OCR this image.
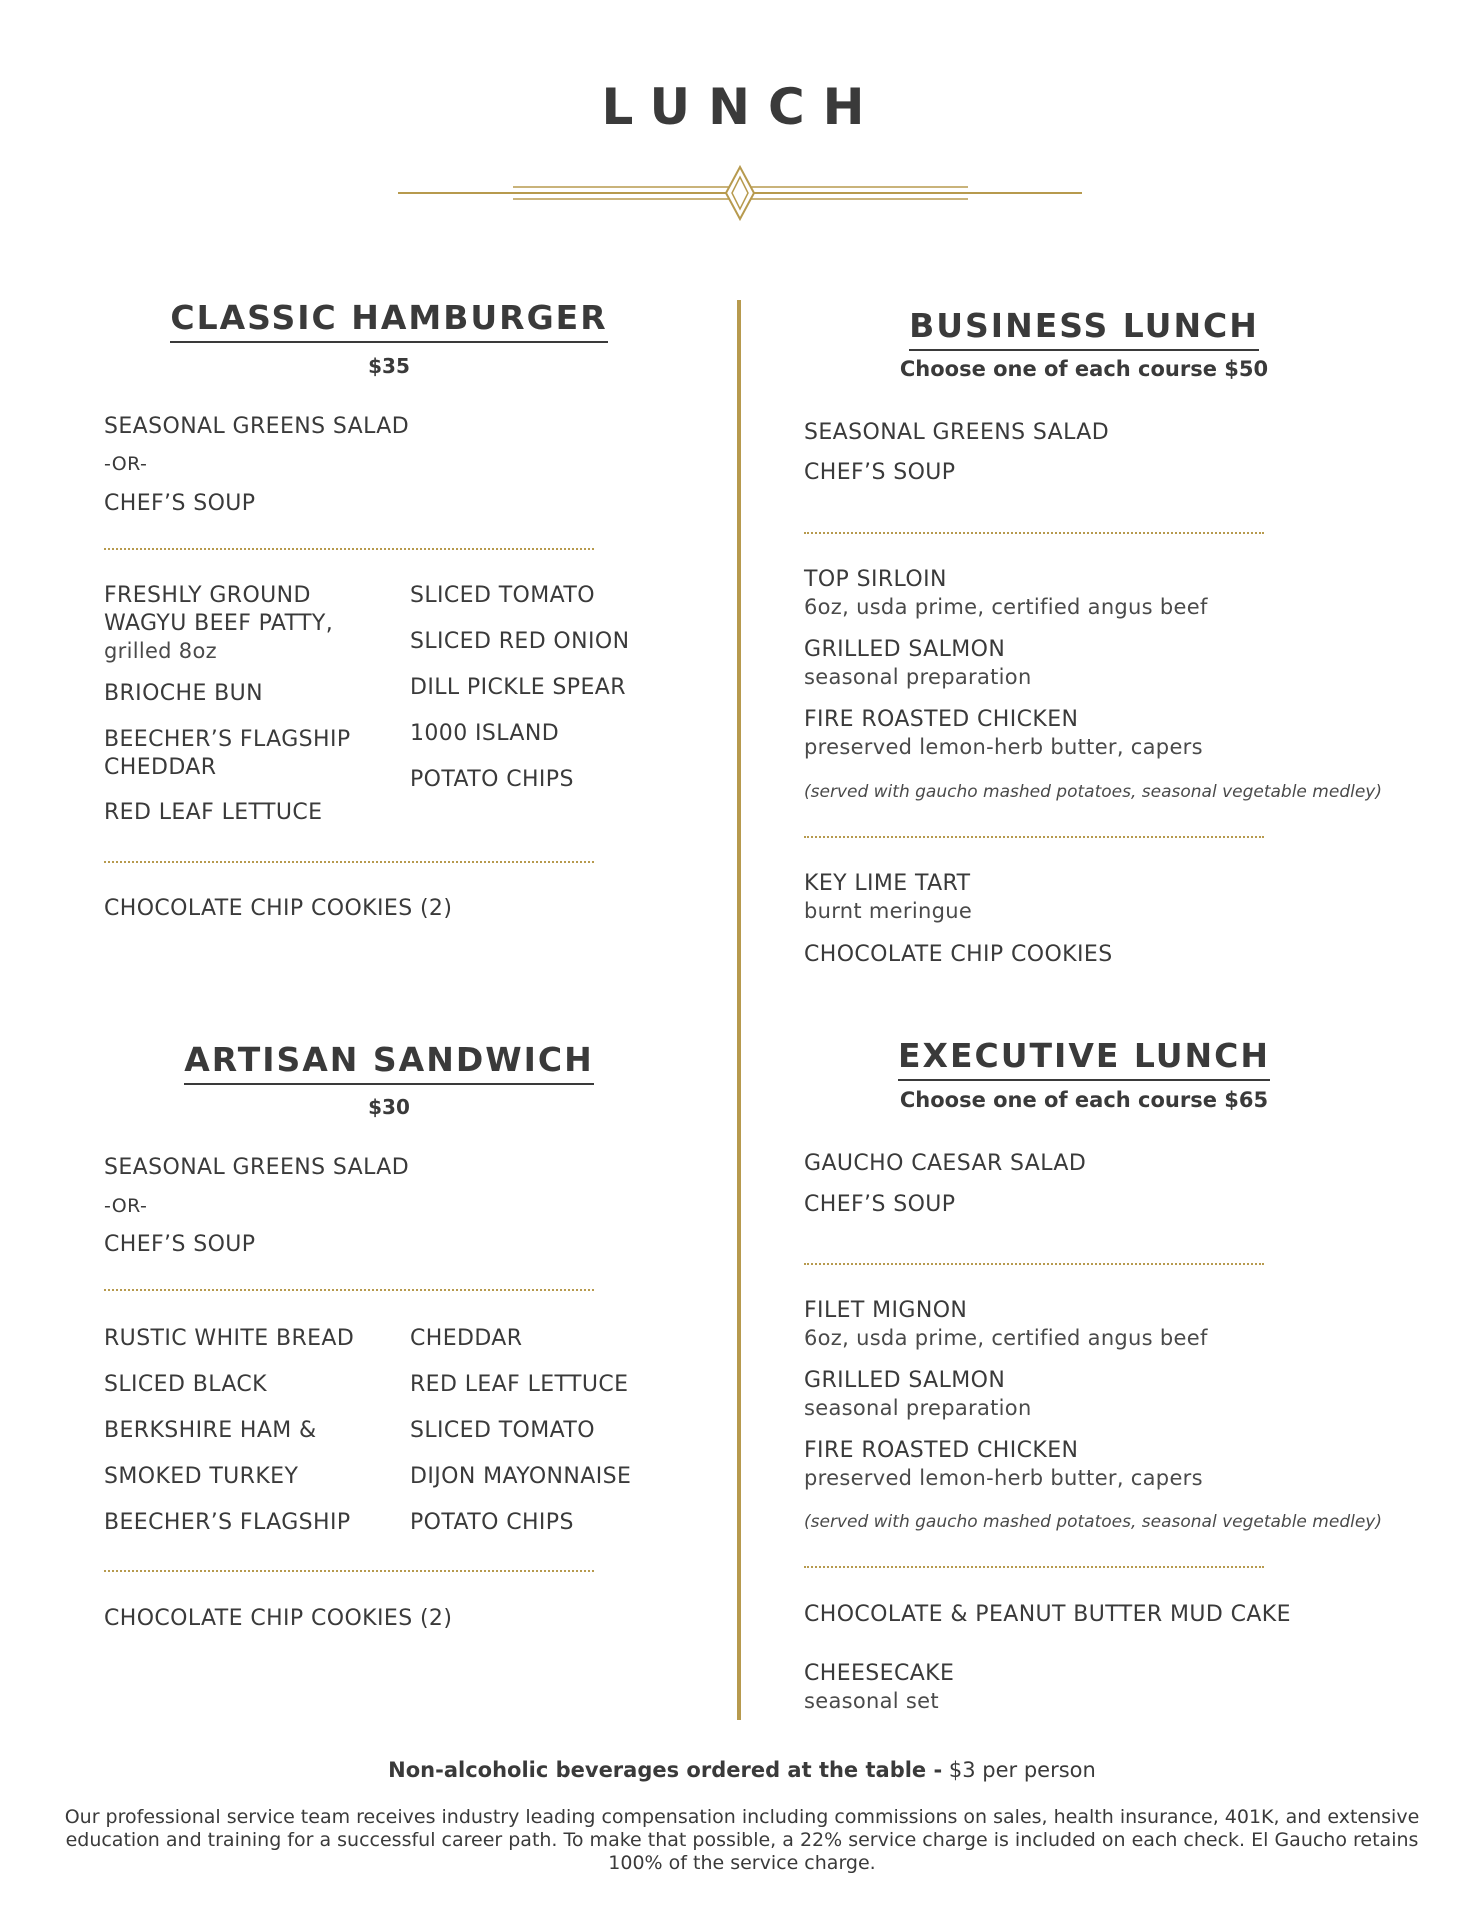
LUNCH
CLASSIC HAMBURGER
$35
SEASONAL GREENS SALAD
-OR-
CHEF’S SOUP
FRESHLY GROUND
WAGYU BEEF PATTY,
grilled 8oz
BRIOCHE BUN
BEECHER’S FLAGSHIP
CHEDDAR
RED LEAF LETTUCE
SLICED TOMATO
SLICED RED ONION
DILL PICKLE SPEAR
1000 ISLAND
POTATO CHIPS
CHOCOLATE CHIP COOKIES (2)
ARTISAN SANDWICH
$30
SEASONAL GREENS SALAD
-OR-
CHEF’S SOUP
RUSTIC WHITE BREAD
SLICED BLACK
BERKSHIRE HAM &
SMOKED TURKEY
BEECHER’S FLAGSHIP
CHEDDAR
RED LEAF LETTUCE
SLICED TOMATO
DIJON MAYONNAISE
POTATO CHIPS
CHOCOLATE CHIP COOKIES (2)
BUSINESS LUNCH
Choose one of each course $50
SEASONAL GREENS SALAD
CHEF’S SOUP
TOP SIRLOIN
6oz, usda prime, certified angus beef
GRILLED SALMON
seasonal preparation
FIRE ROASTED CHICKEN
preserved lemon-herb butter, capers
(served with gaucho mashed potatoes, seasonal vegetable medley)
KEY LIME TART
burnt meringue
CHOCOLATE CHIP COOKIES
EXECUTIVE LUNCH
Choose one of each course $65
GAUCHO CAESAR SALAD
CHEF’S SOUP
FILET MIGNON
6oz, usda prime, certified angus beef
GRILLED SALMON
seasonal preparation
FIRE ROASTED CHICKEN
preserved lemon-herb butter, capers
(served with gaucho mashed potatoes, seasonal vegetable medley)
CHOCOLATE & PEANUT BUTTER MUD CAKE
CHEESECAKE
seasonal set
Non-alcoholic beverages ordered at the table - $3 per person
Our professional service team receives industry leading compensation including commissions on sales, health insurance, 401K, and extensive education and training for a successful career path. To make that possible, a 22% service charge is included on each check. El Gaucho retains 100% of the service charge.
